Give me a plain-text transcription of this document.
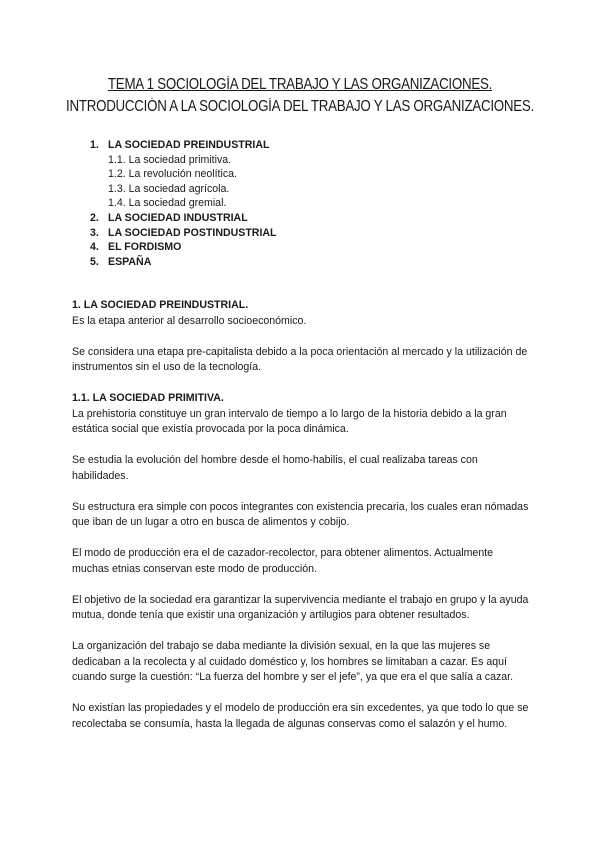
TEMA 1 SOCIOLOGÍA DEL TRABAJO Y LAS ORGANIZACIONES.
INTRODUCCIÓN A LA SOCIOLOGÍA DEL TRABAJO Y LAS ORGANIZACIONES.
1. LA SOCIEDAD PREINDUSTRIAL
1.1. La sociedad primitiva.
1.2. La revolución neolítica.
1.3. La sociedad agrícola.
1.4. La sociedad gremial.
2. LA SOCIEDAD INDUSTRIAL
3. LA SOCIEDAD POSTINDUSTRIAL
4. EL FORDISMO
5. ESPAÑA
1. LA SOCIEDAD PREINDUSTRIAL.

Es la etapa anterior al desarrollo socioeconómico.

Se considera una etapa pre-capitalista debido a la poca orientación al mercado y la utilización de instrumentos sin el uso de la tecnología.

1.1. LA SOCIEDAD PRIMITIVA.

La prehistoria constituye un gran intervalo de tiempo a lo largo de la historia debido a la gran estática social que existía provocada por la poca dinámica.

Se estudia la evolución del hombre desde el homo-habilis, el cual realizaba tareas con habilidades.

Su estructura era simple con pocos integrantes con existencia precaria, los cuales eran nómadas que iban de un lugar a otro en busca de alimentos y cobijo.

El modo de producción era el de cazador-recolector, para obtener alimentos. Actualmente muchas etnias conservan este modo de producción.

El objetivo de la sociedad era garantizar la supervivencia mediante el trabajo en grupo y la ayuda mutua, donde tenía que existir una organización y artilugios para obtener resultados.

La organización del trabajo se daba mediante la división sexual, en la que las mujeres se dedicaban a la recolecta y al cuidado doméstico y, los hombres se limitaban a cazar. Es aquí cuando surge la cuestión: “La fuerza del hombre y ser el jefe”, ya que era el que salía a cazar.

No existían las propiedades y el modelo de producción era sin excedentes, ya que todo lo que se recolectaba se consumía, hasta la llegada de algunas conservas como el salazón y el humo.
